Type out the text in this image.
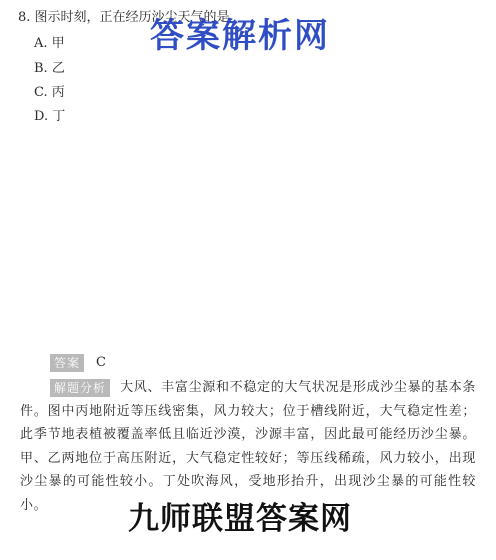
8. 图示时刻，正在经历沙尘天气的是
A. 甲
B. 乙
C. 丙
D. 丁
答案解析网
答案 C
解题分析 大风、丰富尘源和不稳定的大气状况是形成沙尘暴的基本条件。图中丙地附近等压线密集，风力较大；位于槽线附近，大气稳定性差；此季节地表植被覆盖率低且临近沙漠，沙源丰富，因此最可能经历沙尘暴。甲、乙两地位于高压附近，大气稳定性较好；等压线稀疏，风力较小，出现沙尘暴的可能性较小。丁处吹海风，受地形抬升，出现沙尘暴的可能性较小。	九师联盟答案网
